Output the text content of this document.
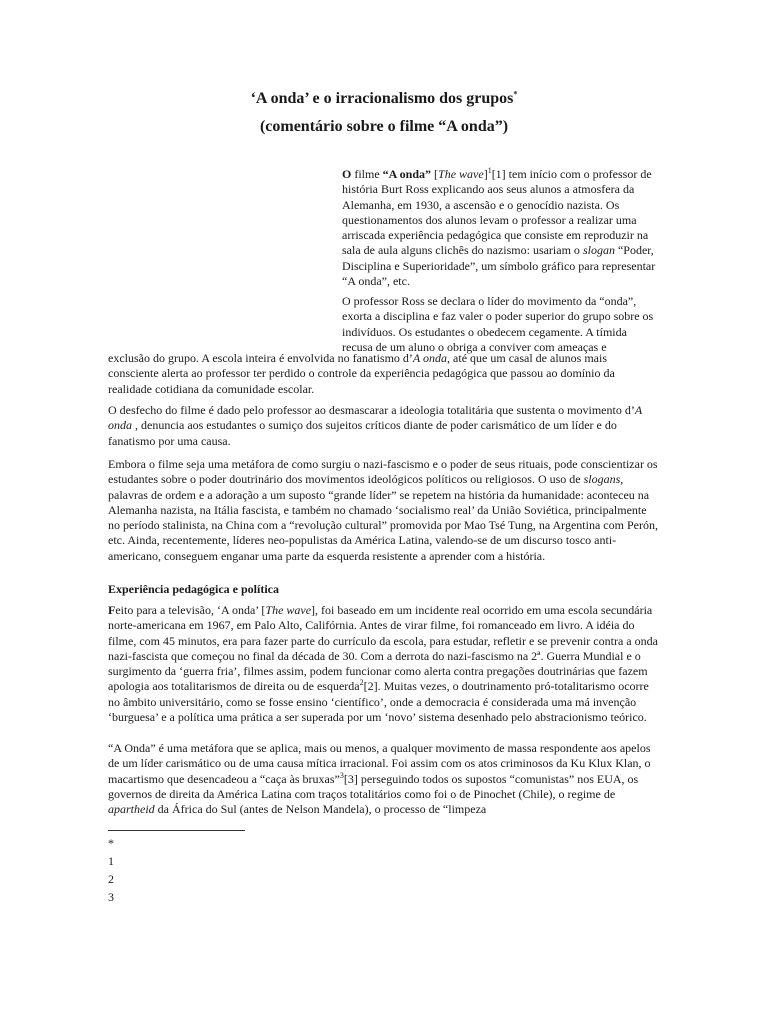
‘A onda’ e o irracionalismo dos grupos*

(comentário sobre o filme “A onda”)

O filme “A onda” [The wave]$^1$[1] tem início com o professor de história Burt Ross explicando aos seus alunos a atmosfera da Alemanha, em 1930, a ascensão e o genocídio nazista. Os questionamentos dos alunos levam o professor a realizar uma arriscada experiência pedagógica que consiste em reproduzir na sala de aula alguns clichês do nazismo: usariam o slogan “Poder, Disciplina e Superioridade”, um símbolo gráfico para representar “A onda”, etc.

O professor Ross se declara o líder do movimento da “onda”, exorta a disciplina e faz valer o poder superior do grupo sobre os indivíduos. Os estudantes o obedecem cegamente. A tímida recusa de um aluno o obriga a conviver com ameaças e

exclusão do grupo. A escola inteira é envolvida no fanatismo d’A onda, até que um casal de alunos mais consciente alerta ao professor ter perdido o controle da experiência pedagógica que passou ao domínio da realidade cotidiana da comunidade escolar.

O desfecho do filme é dado pelo professor ao desmascarar a ideologia totalitária que sustenta o movimento d’A onda , denuncia aos estudantes o sumiço dos sujeitos críticos diante de poder carismático de um líder e do fanatismo por uma causa.

Embora o filme seja uma metáfora de como surgiu o nazi-fascismo e o poder de seus rituais, pode conscientizar os estudantes sobre o poder doutrinário dos movimentos ideológicos políticos ou religiosos. O uso de slogans, palavras de ordem e a adoração a um suposto “grande líder” se repetem na história da humanidade: aconteceu na Alemanha nazista, na Itália fascista, e também no chamado ‘socialismo real’ da União Soviética, principalmente no período stalinista, na China com a “revolução cultural” promovida por Mao Tsé Tung, na Argentina com Perón, etc. Ainda, recentemente, líderes neo-populistas da América Latina, valendo-se de um discurso tosco anti-americano, conseguem enganar uma parte da esquerda resistente a aprender com a história.

Experiência pedagógica e política

Feito para a televisão, ‘A onda’ [The wave], foi baseado em um incidente real ocorrido em uma escola secundária norte-americana em 1967, em Palo Alto, Califórnia. Antes de virar filme, foi romanceado em livro. A idéia do filme, com 45 minutos, era para fazer parte do currículo da escola, para estudar, refletir e se prevenir contra a onda nazi-fascista que começou no final da década de 30. Com a derrota do nazi-fascismo na 2ª. Guerra Mundial e o surgimento da ‘guerra fria’, filmes assim, podem funcionar como alerta contra pregações doutrinárias que fazem apologia aos totalitarismos de direita ou de esquerda$^2$[2]. Muitas vezes, o doutrinamento pró-totalitarismo ocorre no âmbito universitário, como se fosse ensino ‘científico’, onde a democracia é considerada uma má invenção ‘burguesa’ e a política uma prática a ser superada por um ‘novo’ sistema desenhado pelo abstracionismo teórico.

“A Onda” é uma metáfora que se aplica, mais ou menos, a qualquer movimento de massa respondente aos apelos de um líder carismático ou de uma causa mítica irracional. Foi assim com os atos criminosos da Ku Klux Klan, o macartismo que desencadeou a “caça às bruxas”$^3$[3] perseguindo todos os supostos “comunistas” nos EUA, os governos de direita da América Latina com traços totalitários como foi o de Pinochet (Chile), o regime de apartheid da África do Sul (antes de Nelson Mandela), o processo de “limpeza

*

1

2

3
